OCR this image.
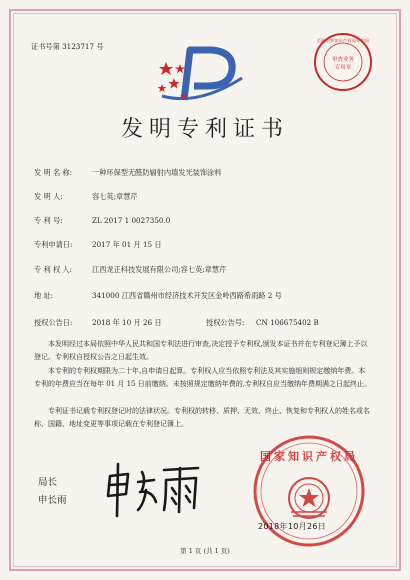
证书号第 3123717 号
至此国家知识产权局专利局
审查业务
专用章
发明专利证书
发 明 名 称:	一种环保型无醛防辐射内墙发光装饰涂料
发 明 人:	容七英;章慧芹
专 利 号:	ZL 2017 1 0027350.0
专利申请日:	2017 年 01 月 15 日
专 利 权 人:	江西龙正科技发展有限公司;容七英;章慧芹
地 址:	341000 江西省赣州市经济技术开发区金岭西路希雨路 2 号
授权公告日:	2018 年 10 月 26 日	授权公告号: CN 106675402 B
本发明经过本局依照中华人民共和国专利法进行审查,决定授予专利权,颁发本证书并在专利登记簿上予以登记。专利权自授权公告之日起生效。
本专利的专利权期限为二十年,自申请日起算。专利权人应当依照专利法及其实施细则规定缴纳年费。本专利的年费应当在每年 01 月 15 日前缴纳。未按照规定缴纳年费的,专利权自应当缴纳年费期满之日起终止。
专利证书记载专利权登记时的法律状况。专利权的转移、质押、无效、终止、恢复和专利权人的姓名或名称、国籍、地址变更等事项记载在专利登记簿上。
局长
申长雨
国家知识产权局
2018年10月26日
第 1 页 (共 1 页)
